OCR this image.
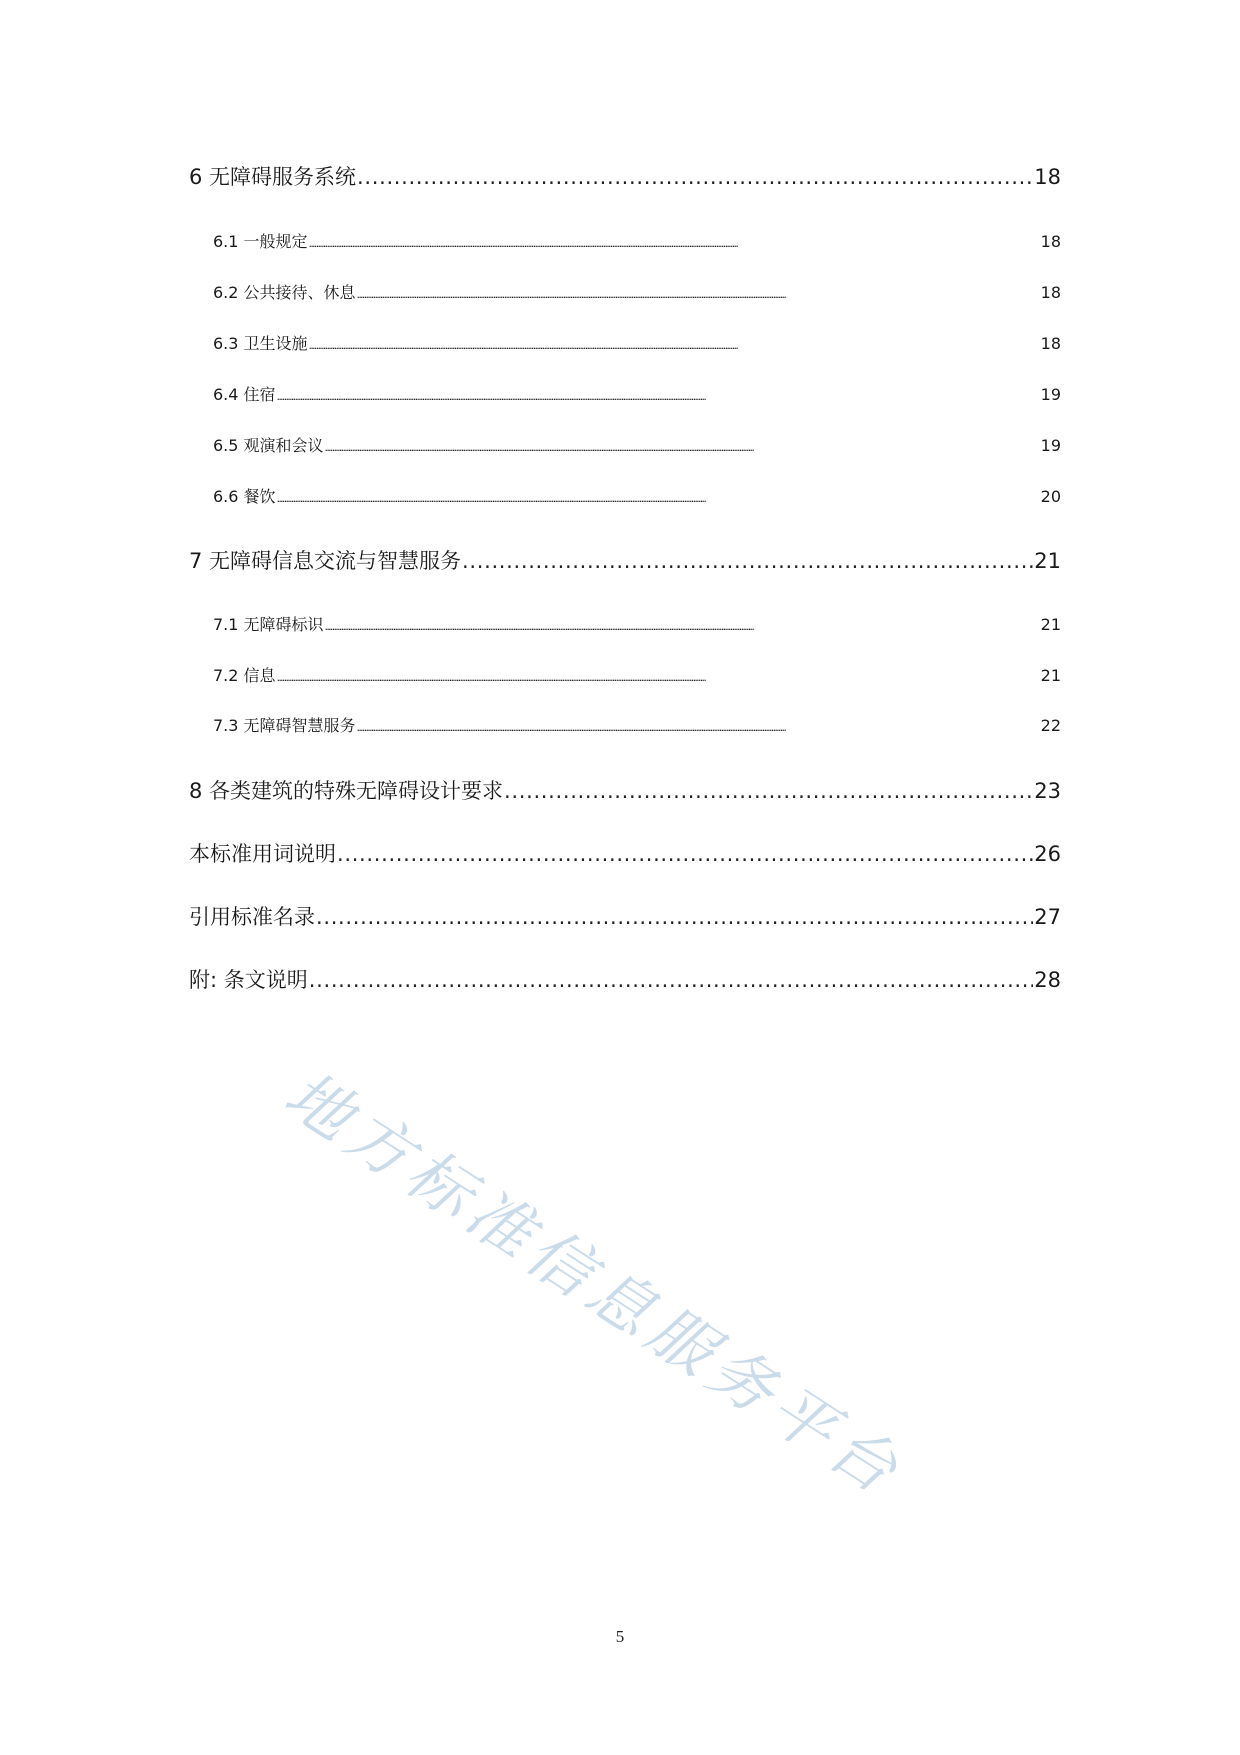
6 无障碍服务系统 . . .	18
6.1 一般规定 . . .	18
6.2 公共接待、休息 . . .	18
6.3 卫生设施 . . .	18
6.4 住宿 . . .	19
6.5 观演和会议 . . .	19
6.6 餐饮 . . .	20
7 无障碍信息交流与智慧服务 . . .	21
7.1 无障碍标识 . . .	21
7.2 信息 . . .	21
7.3 无障碍智慧服务 . . .	22
8 各类建筑的特殊无障碍设计要求 . . .	23
本标准用词说明 . . .	26
引用标准名录 . . .	27
附: 条文说明 . . .	28
地方标准信息服务平台
5
